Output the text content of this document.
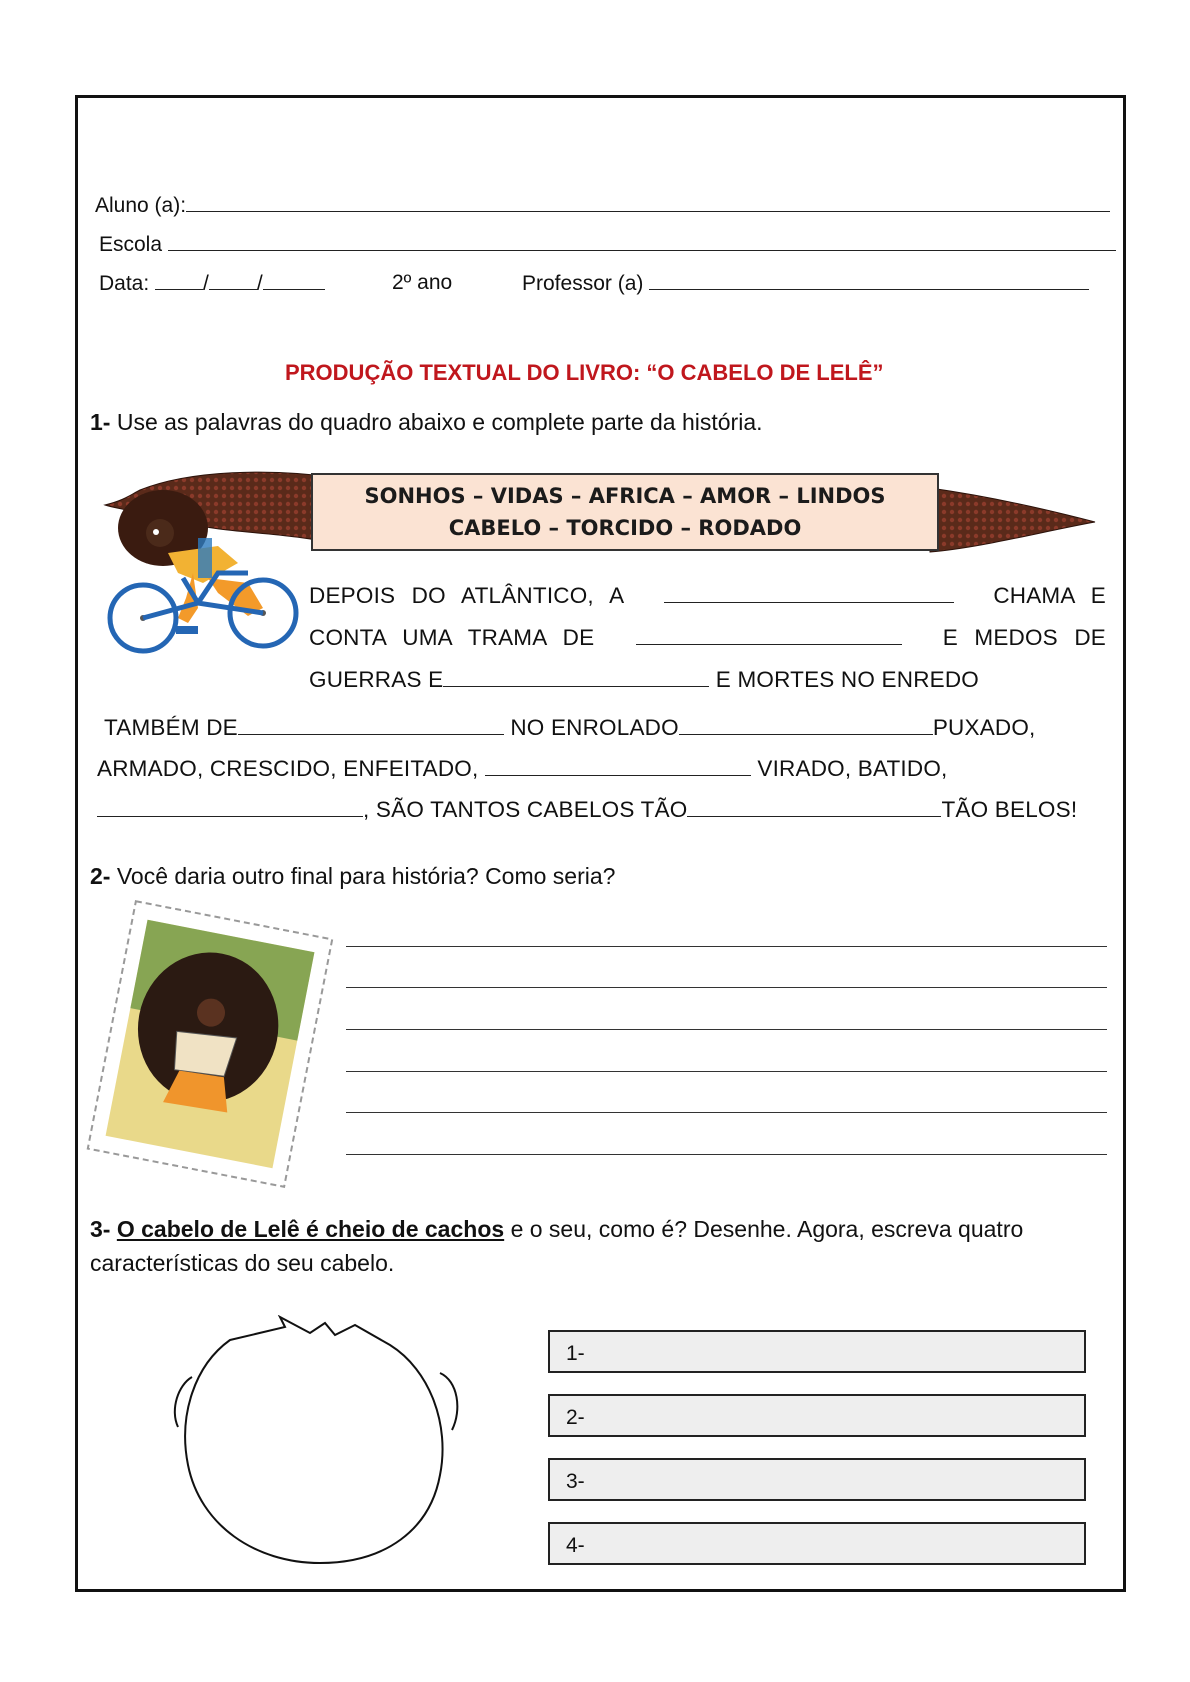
Aluno (a):
Escola
Data:	/ /	2º ano	Professor (a)
PRODUÇÃO TEXTUAL DO LIVRO: “O CABELO DE LELÊ”
1- Use as palavras do quadro abaixo e complete parte da história.
SONHOS – VIDAS – AFRICA – AMOR – LINDOS
CABELO – TORCIDO – RODADO
DEPOIS DO ATLÂNTICO, A	CHAMA E
CONTA UMA TRAMA DE	E MEDOS DE
GUERRAS E	E MORTES NO ENREDO
TAMBÉM DE	NO ENROLADO	PUXADO,
ARMADO, CRESCIDO, ENFEITADO,	VIRADO, BATIDO,
, SÃO TANTOS CABELOS TÃO	TÃO BELOS!
2- Você daria outro final para história? Como seria?
3- O cabelo de Lelê é cheio de cachos e o seu, como é? Desenhe. Agora, escreva quatro
características do seu cabelo.
1-
2-
3-
4-
